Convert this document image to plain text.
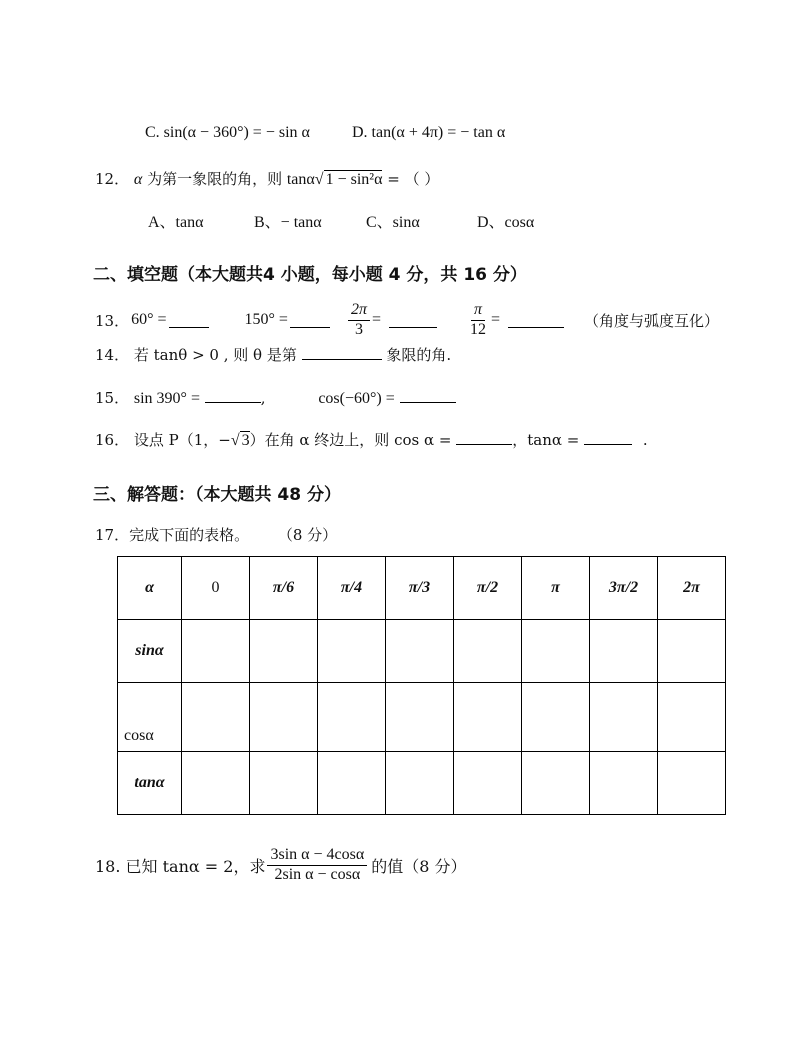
C. sin(α − 360°) = − sin α	D. tan(α + 4π) = − tan α
12． α 为第一象限的角，则 tanα√ 1 − sin²α = （ ）
A、tanα	B、− tanα	C、sinα	D、cosα
二、填空题（本大题共4 小题，每小题 4 分，共 16 分）
13． 60° =	150° =	$\frac{2\pi}{3}$ =	$\frac{\pi}{12}$ =	（角度与弧度互化）
14． 若 tanθ > 0 , 则 θ 是第	象限的角.
15． sin 390° =	,	cos(−60°) =
16． 设点 P（1，−√ 3）在角 α 终边上，则 cos α =	，tanα =	.
三、解答题：（本大题共 48 分）
17．完成下面的表格。 （8 分）
α	0	π/6	π/4	π/3	π/2	π	3π/2	2π
sinα								
cosα								
tanα								
18. 已知 tanα = 2，求 $\frac{\text{3sin α − 4cosα}}{\text{2sin α − cosα}}$ 的值（8 分）
